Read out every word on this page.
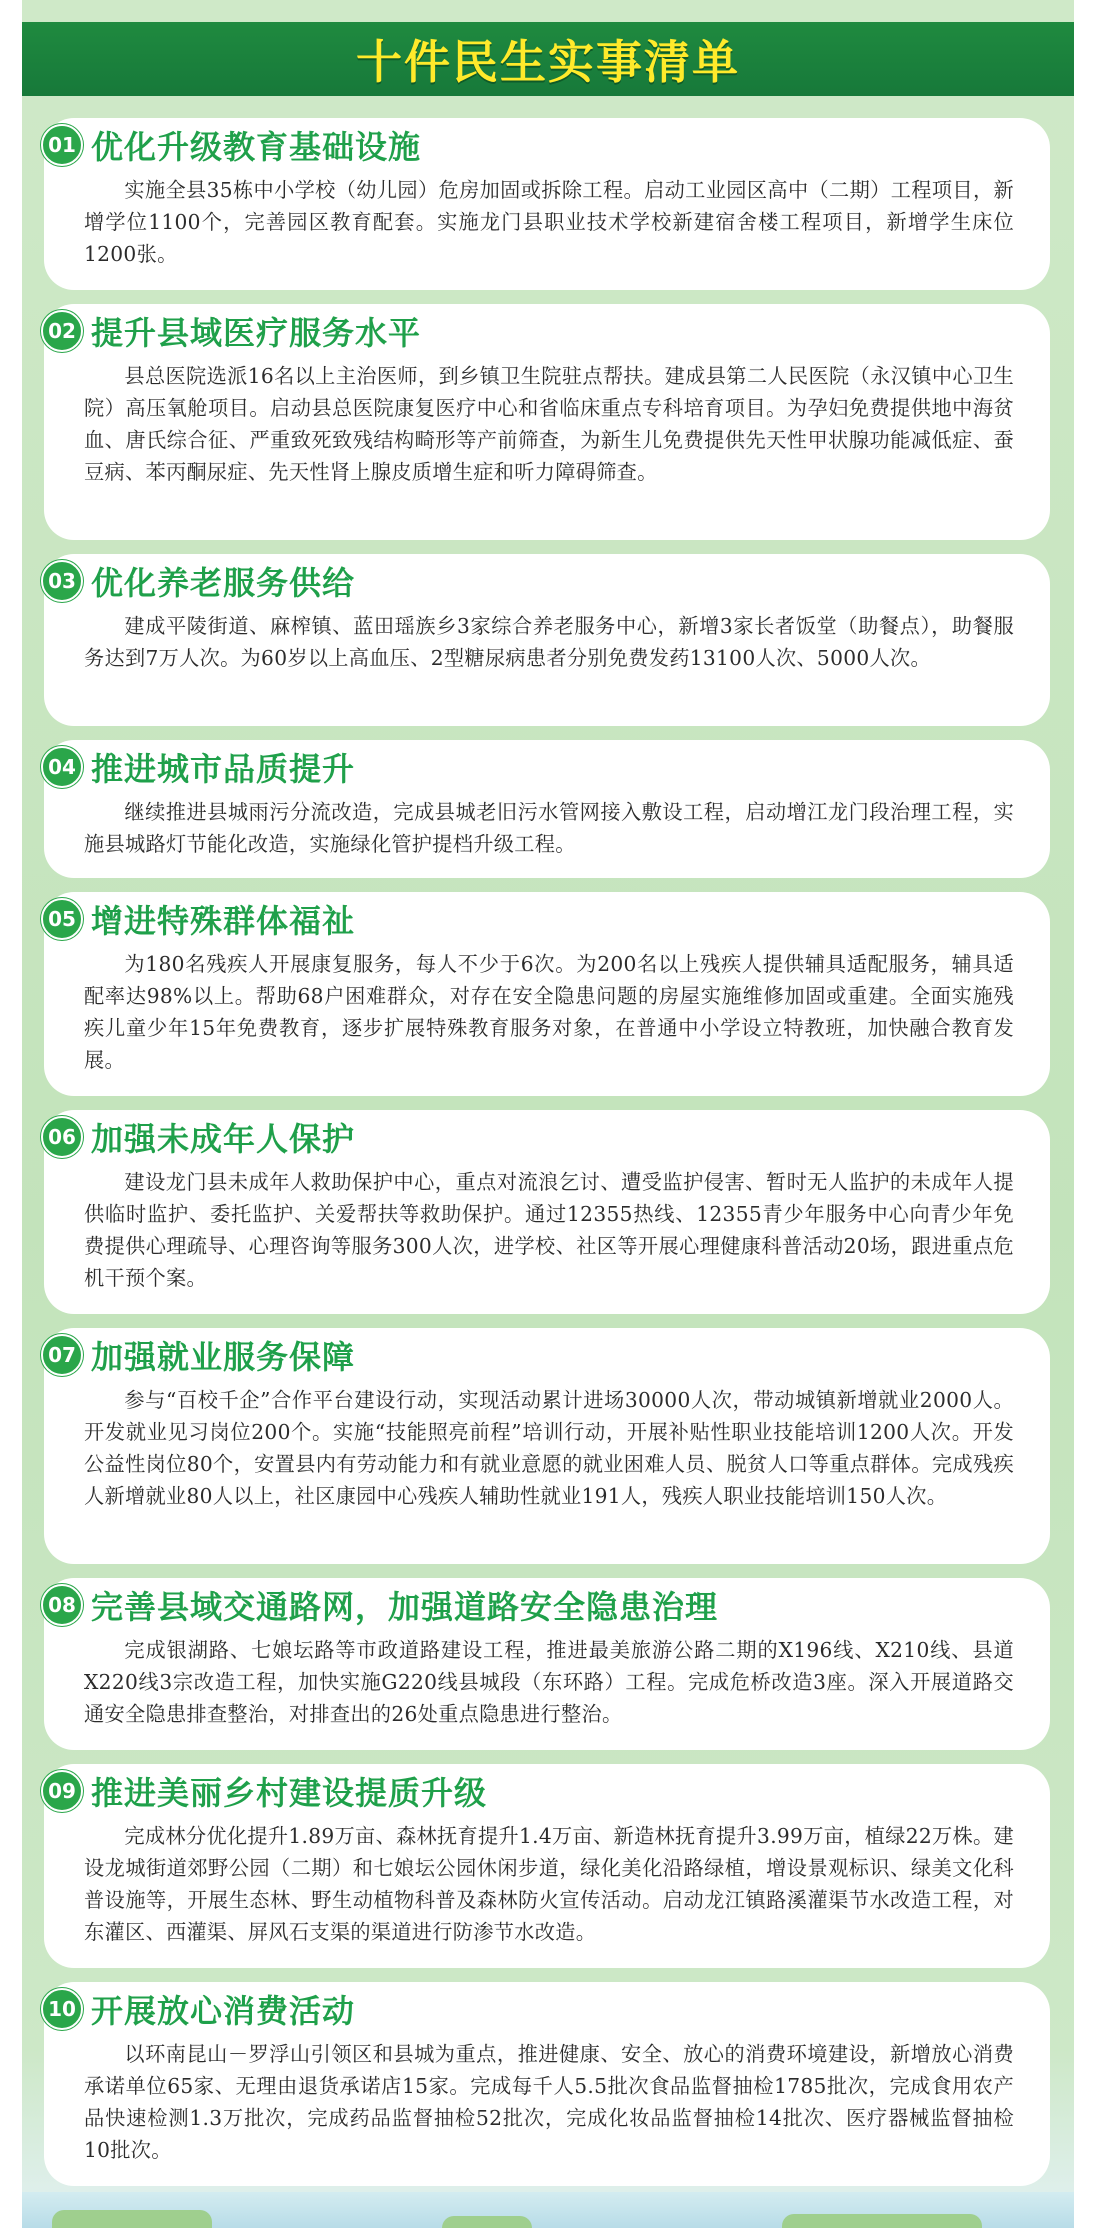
十件民生实事清单
01 优化升级教育基础设施

实施全县35栋中小学校（幼儿园）危房加固或拆除工程。启动工业园区高中（二期）工程项目，新增学位1100个，完善园区教育配套。实施龙门县职业技术学校新建宿舍楼工程项目，新增学生床位1200张。

02 提升县域医疗服务水平

县总医院选派16名以上主治医师，到乡镇卫生院驻点帮扶。建成县第二人民医院（永汉镇中心卫生院）高压氧舱项目。启动县总医院康复医疗中心和省临床重点专科培育项目。为孕妇免费提供地中海贫血、唐氏综合征、严重致死致残结构畸形等产前筛查，为新生儿免费提供先天性甲状腺功能减低症、蚕豆病、苯丙酮尿症、先天性肾上腺皮质增生症和听力障碍筛查。

03 优化养老服务供给

建成平陵街道、麻榨镇、蓝田瑶族乡3家综合养老服务中心，新增3家长者饭堂（助餐点），助餐服务达到7万人次。为60岁以上高血压、2型糖尿病患者分别免费发药13100人次、5000人次。

04 推进城市品质提升

继续推进县城雨污分流改造，完成县城老旧污水管网接入敷设工程，启动增江龙门段治理工程，实施县城路灯节能化改造，实施绿化管护提档升级工程。

05 增进特殊群体福祉

为180名残疾人开展康复服务，每人不少于6次。为200名以上残疾人提供辅具适配服务，辅具适配率达98%以上。帮助68户困难群众，对存在安全隐患问题的房屋实施维修加固或重建。全面实施残疾儿童少年15年免费教育，逐步扩展特殊教育服务对象，在普通中小学设立特教班，加快融合教育发展。

06 加强未成年人保护

建设龙门县未成年人救助保护中心，重点对流浪乞讨、遭受监护侵害、暂时无人监护的未成年人提供临时监护、委托监护、关爱帮扶等救助保护。通过12355热线、12355青少年服务中心向青少年免费提供心理疏导、心理咨询等服务300人次，进学校、社区等开展心理健康科普活动20场，跟进重点危机干预个案。

07 加强就业服务保障

参与“百校千企”合作平台建设行动，实现活动累计进场30000人次，带动城镇新增就业2000人。开发就业见习岗位200个。实施“技能照亮前程”培训行动，开展补贴性职业技能培训1200人次。开发公益性岗位80个，安置县内有劳动能力和有就业意愿的就业困难人员、脱贫人口等重点群体。完成残疾人新增就业80人以上，社区康园中心残疾人辅助性就业191人，残疾人职业技能培训150人次。

08 完善县域交通路网，加强道路安全隐患治理

完成银湖路、七娘坛路等市政道路建设工程，推进最美旅游公路二期的X196线、X210线、县道X220线3宗改造工程，加快实施G220线县城段（东环路）工程。完成危桥改造3座。深入开展道路交通安全隐患排查整治，对排查出的26处重点隐患进行整治。

09 推进美丽乡村建设提质升级

完成林分优化提升1.89万亩、森林抚育提升1.4万亩、新造林抚育提升3.99万亩，植绿22万株。建设龙城街道郊野公园（二期）和七娘坛公园休闲步道，绿化美化沿路绿植，增设景观标识、绿美文化科普设施等，开展生态林、野生动植物科普及森林防火宣传活动。启动龙江镇路溪灌渠节水改造工程，对东灌区、西灌渠、屏风石支渠的渠道进行防渗节水改造。

10 开展放心消费活动

以环南昆山－罗浮山引领区和县城为重点，推进健康、安全、放心的消费环境建设，新增放心消费承诺单位65家、无理由退货承诺店15家。完成每千人5.5批次食品监督抽检1785批次，完成食用农产品快速检测1.3万批次，完成药品监督抽检52批次，完成化妆品监督抽检14批次、医疗器械监督抽检10批次。
